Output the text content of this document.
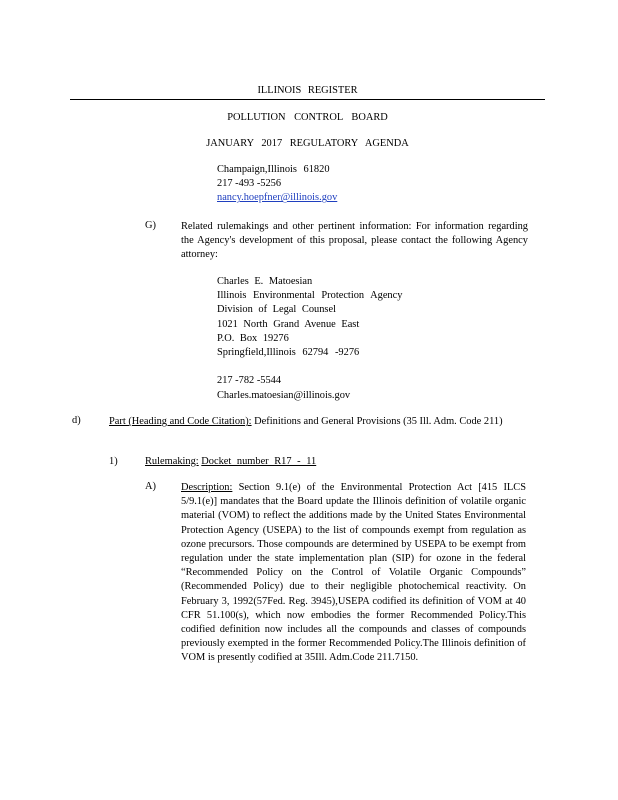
ILLINOIS REGISTER
POLLUTION CONTROL BOARD
JANUARY 2017 REGULATORY AGENDA
Champaign,Illinois 61820
217 -493 -5256
nancy.hoepfner@illinois.gov
G) Related rulemakings and other pertinent information: For information regarding the Agency's development of this proposal, please contact the following Agency attorney:
Charles E. Matoesian
Illinois Environmental Protection Agency
Division of Legal Counsel
1021 North Grand Avenue East
P.O. Box 19276
Springfield,Illinois 62794 -9276
217 -782 -5544
Charles.matoesian@illinois.gov
d)	Part (Heading and Code Citation): Definitions and General Provisions (35 Ill. Adm. Code 211)
1)	Rulemaking: Docket number R17 - 11
A) Description: Section 9.1(e) of the Environmental Protection Act [415 ILCS 5/9.1(e)] mandates that the Board update the Illinois definition of volatile organic material (VOM) to reflect the additions made by the United States Environmental Protection Agency (USEPA) to the list of compounds exempt from regulation as ozone precursors. Those compounds are determined by USEPA to be exempt from regulation under the state implementation plan (SIP) for ozone in the federal “Recommended Policy on the Control of Volatile Organic Compounds” (Recommended Policy) due to their negligible photochemical reactivity. On February 3, 1992(57Fed. Reg. 3945),USEPA codified its definition of VOM at 40 CFR 51.100(s), which now embodies the former Recommended Policy.This codified definition now includes all the compounds and classes of compounds previously exempted in the former Recommended Policy.The Illinois definition of VOM is presently codified at 35Ill. Adm.Code 211.7150.
